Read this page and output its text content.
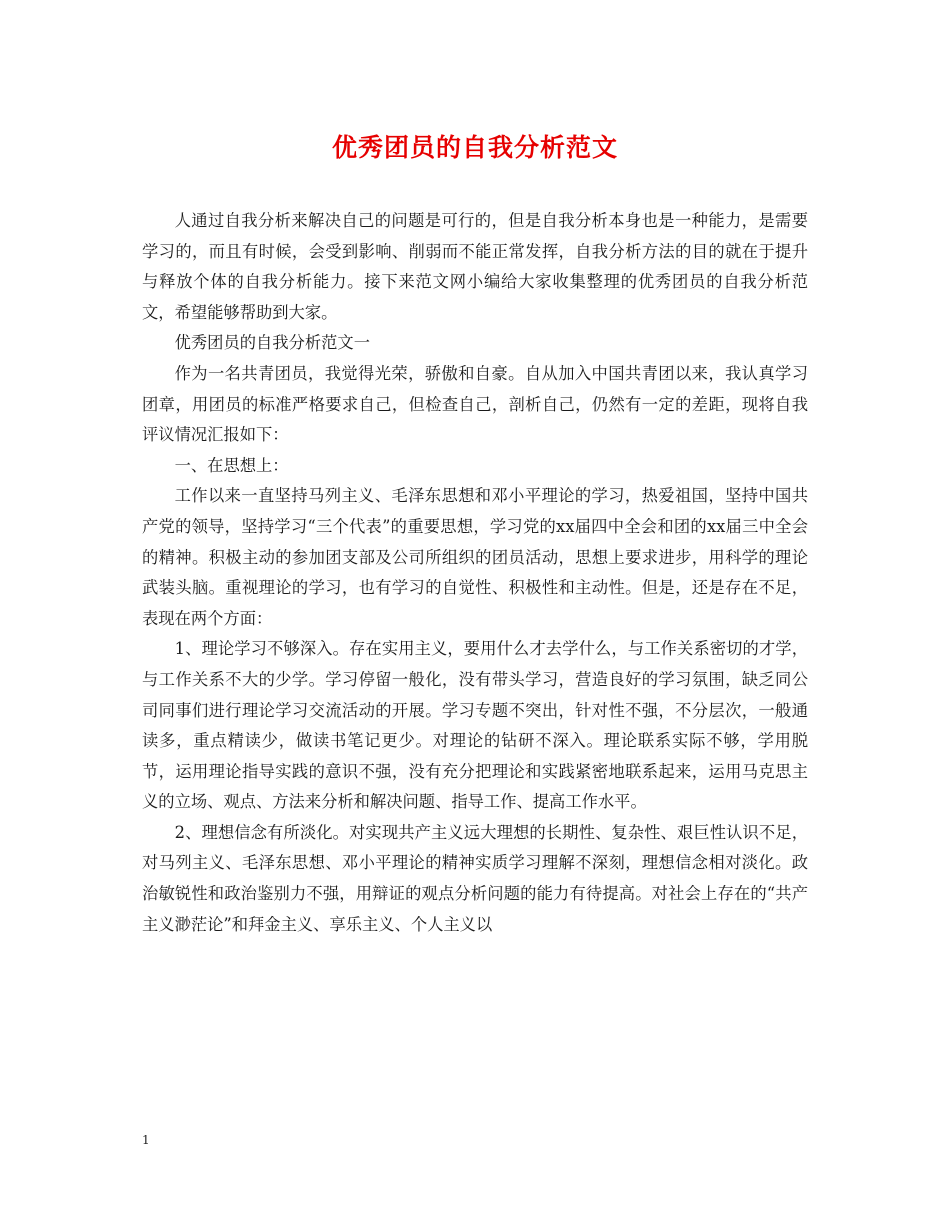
优秀团员的自我分析范文

人通过自我分析来解决自己的问题是可行的，但是自我分析本身也是一种能力，是需要学习的，而且有时候，会受到影响、削弱而不能正常发挥，自我分析方法的目的就在于提升与释放个体的自我分析能力。接下来范文网小编给大家收集整理的优秀团员的自我分析范文，希望能够帮助到大家。

优秀团员的自我分析范文一

作为一名共青团员，我觉得光荣，骄傲和自豪。自从加入中国共青团以来，我认真学习团章，用团员的标准严格要求自己，但检查自己，剖析自己，仍然有一定的差距，现将自我评议情况汇报如下：

一、在思想上：

工作以来一直坚持马列主义、毛泽东思想和邓小平理论的学习，热爱祖国，坚持中国共产党的领导，坚持学习“三个代表”的重要思想，学习党的xx届四中全会和团的xx届三中全会的精神。积极主动的参加团支部及公司所组织的团员活动，思想上要求进步，用科学的理论武装头脑。重视理论的学习，也有学习的自觉性、积极性和主动性。但是，还是存在不足，表现在两个方面：

1、理论学习不够深入。存在实用主义，要用什么才去学什么，与工作关系密切的才学，与工作关系不大的少学。学习停留一般化，没有带头学习，营造良好的学习氛围，缺乏同公司同事们进行理论学习交流活动的开展。学习专题不突出，针对性不强，不分层次，一般通读多，重点精读少，做读书笔记更少。对理论的钻研不深入。理论联系实际不够，学用脱节，运用理论指导实践的意识不强，没有充分把理论和实践紧密地联系起来，运用马克思主义的立场、观点、方法来分析和解决问题、指导工作、提高工作水平。

2、理想信念有所淡化。对实现共产主义远大理想的长期性、复杂性、艰巨性认识不足，对马列主义、毛泽东思想、邓小平理论的精神实质学习理解不深刻，理想信念相对淡化。政治敏锐性和政治鉴别力不强，用辩证的观点分析问题的能力有待提高。对社会上存在的“共产主义渺茫论”和拜金主义、享乐主义、个人主义以

1
